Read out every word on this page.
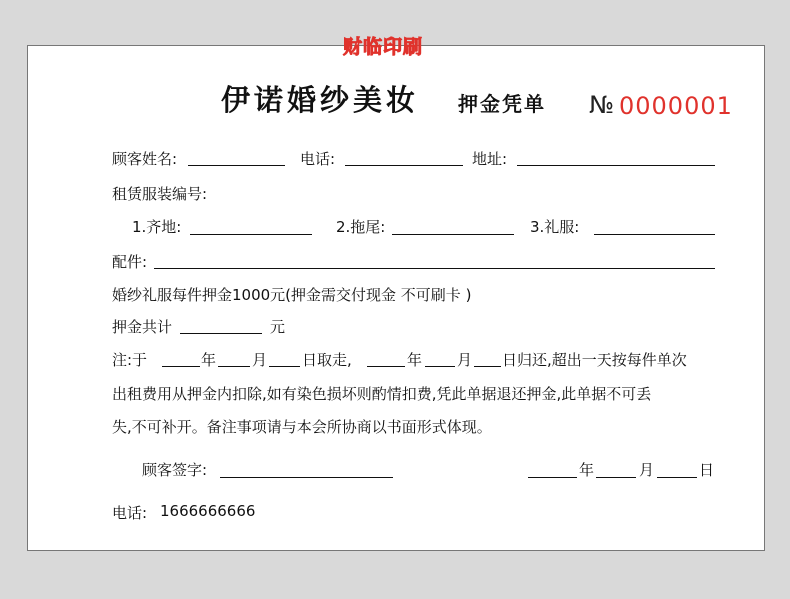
财临印刷
伊诺婚纱美妆 押金凭单 № 0000001
顾客姓名:	电话:	地址:
租赁服装编号:
1.齐地:	2.拖尾:	3.礼服:
配件:
婚纱礼服每件押金1000元(押金需交付现金 不可刷卡 )
押金共计	元
注:于	年 月 日取走,	年 月 日归还,超出一天按每件单次
出租费用从押金内扣除,如有染色损坏则酌情扣费,凭此单据退还押金,此单据不可丢
失,不可补开。备注事项请与本会所协商以书面形式体现。
顾客签字:	年	月	日
电话: 1666666666
